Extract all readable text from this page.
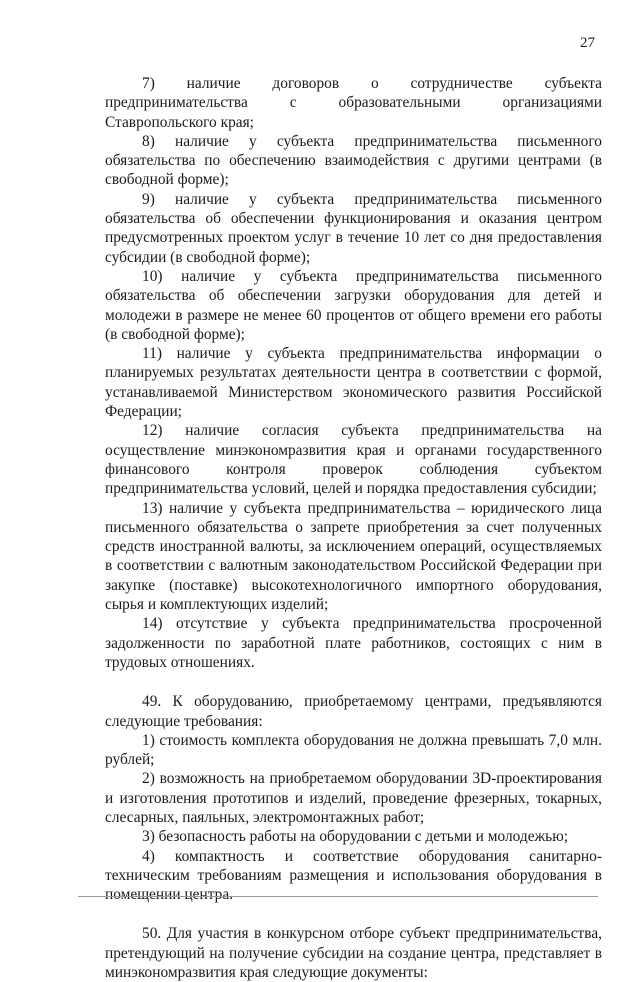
27

7) наличие договоров о сотрудничестве субъекта предпринимательства с образовательными организациями Ставропольского края;

8) наличие у субъекта предпринимательства письменного обязательства по обеспечению взаимодействия с другими центрами (в свободной форме);

9) наличие у субъекта предпринимательства письменного обязательства об обеспечении функционирования и оказания центром предусмотренных проектом услуг в течение 10 лет со дня предоставления субсидии (в свободной форме);

10) наличие у субъекта предпринимательства письменного обязательства об обеспечении загрузки оборудования для детей и молодежи в размере не менее 60 процентов от общего времени его работы (в свободной форме);

11) наличие у субъекта предпринимательства информации о планируемых результатах деятельности центра в соответствии с формой, устанавливаемой Министерством экономического развития Российской Федерации;

12) наличие согласия субъекта предпринимательства на осуществление минэкономразвития края и органами государственного финансового контроля проверок соблюдения субъектом предпринимательства условий, целей и порядка предоставления субсидии;

13) наличие у субъекта предпринимательства – юридического лица письменного обязательства о запрете приобретения за счет полученных средств иностранной валюты, за исключением операций, осуществляемых в соответствии с валютным законодательством Российской Федерации при закупке (поставке) высокотехнологичного импортного оборудования, сырья и комплектующих изделий;

14) отсутствие у субъекта предпринимательства просроченной задолженности по заработной плате работников, состоящих с ним в трудовых отношениях.

49. К оборудованию, приобретаемому центрами, предъявляются следующие требования:

1) стоимость комплекта оборудования не должна превышать 7,0 млн. рублей;

2) возможность на приобретаемом оборудовании 3D-проектирования и изготовления прототипов и изделий, проведение фрезерных, токарных, слесарных, паяльных, электромонтажных работ;

3) безопасность работы на оборудовании с детьми и молодежью;

4) компактность и соответствие оборудования санитарно-техническим требованиям размещения и использования оборудования в помещении центра.

50. Для участия в конкурсном отборе субъект предпринимательства, претендующий на получение субсидии на создание центра, представляет в минэкономразвития края следующие документы:
